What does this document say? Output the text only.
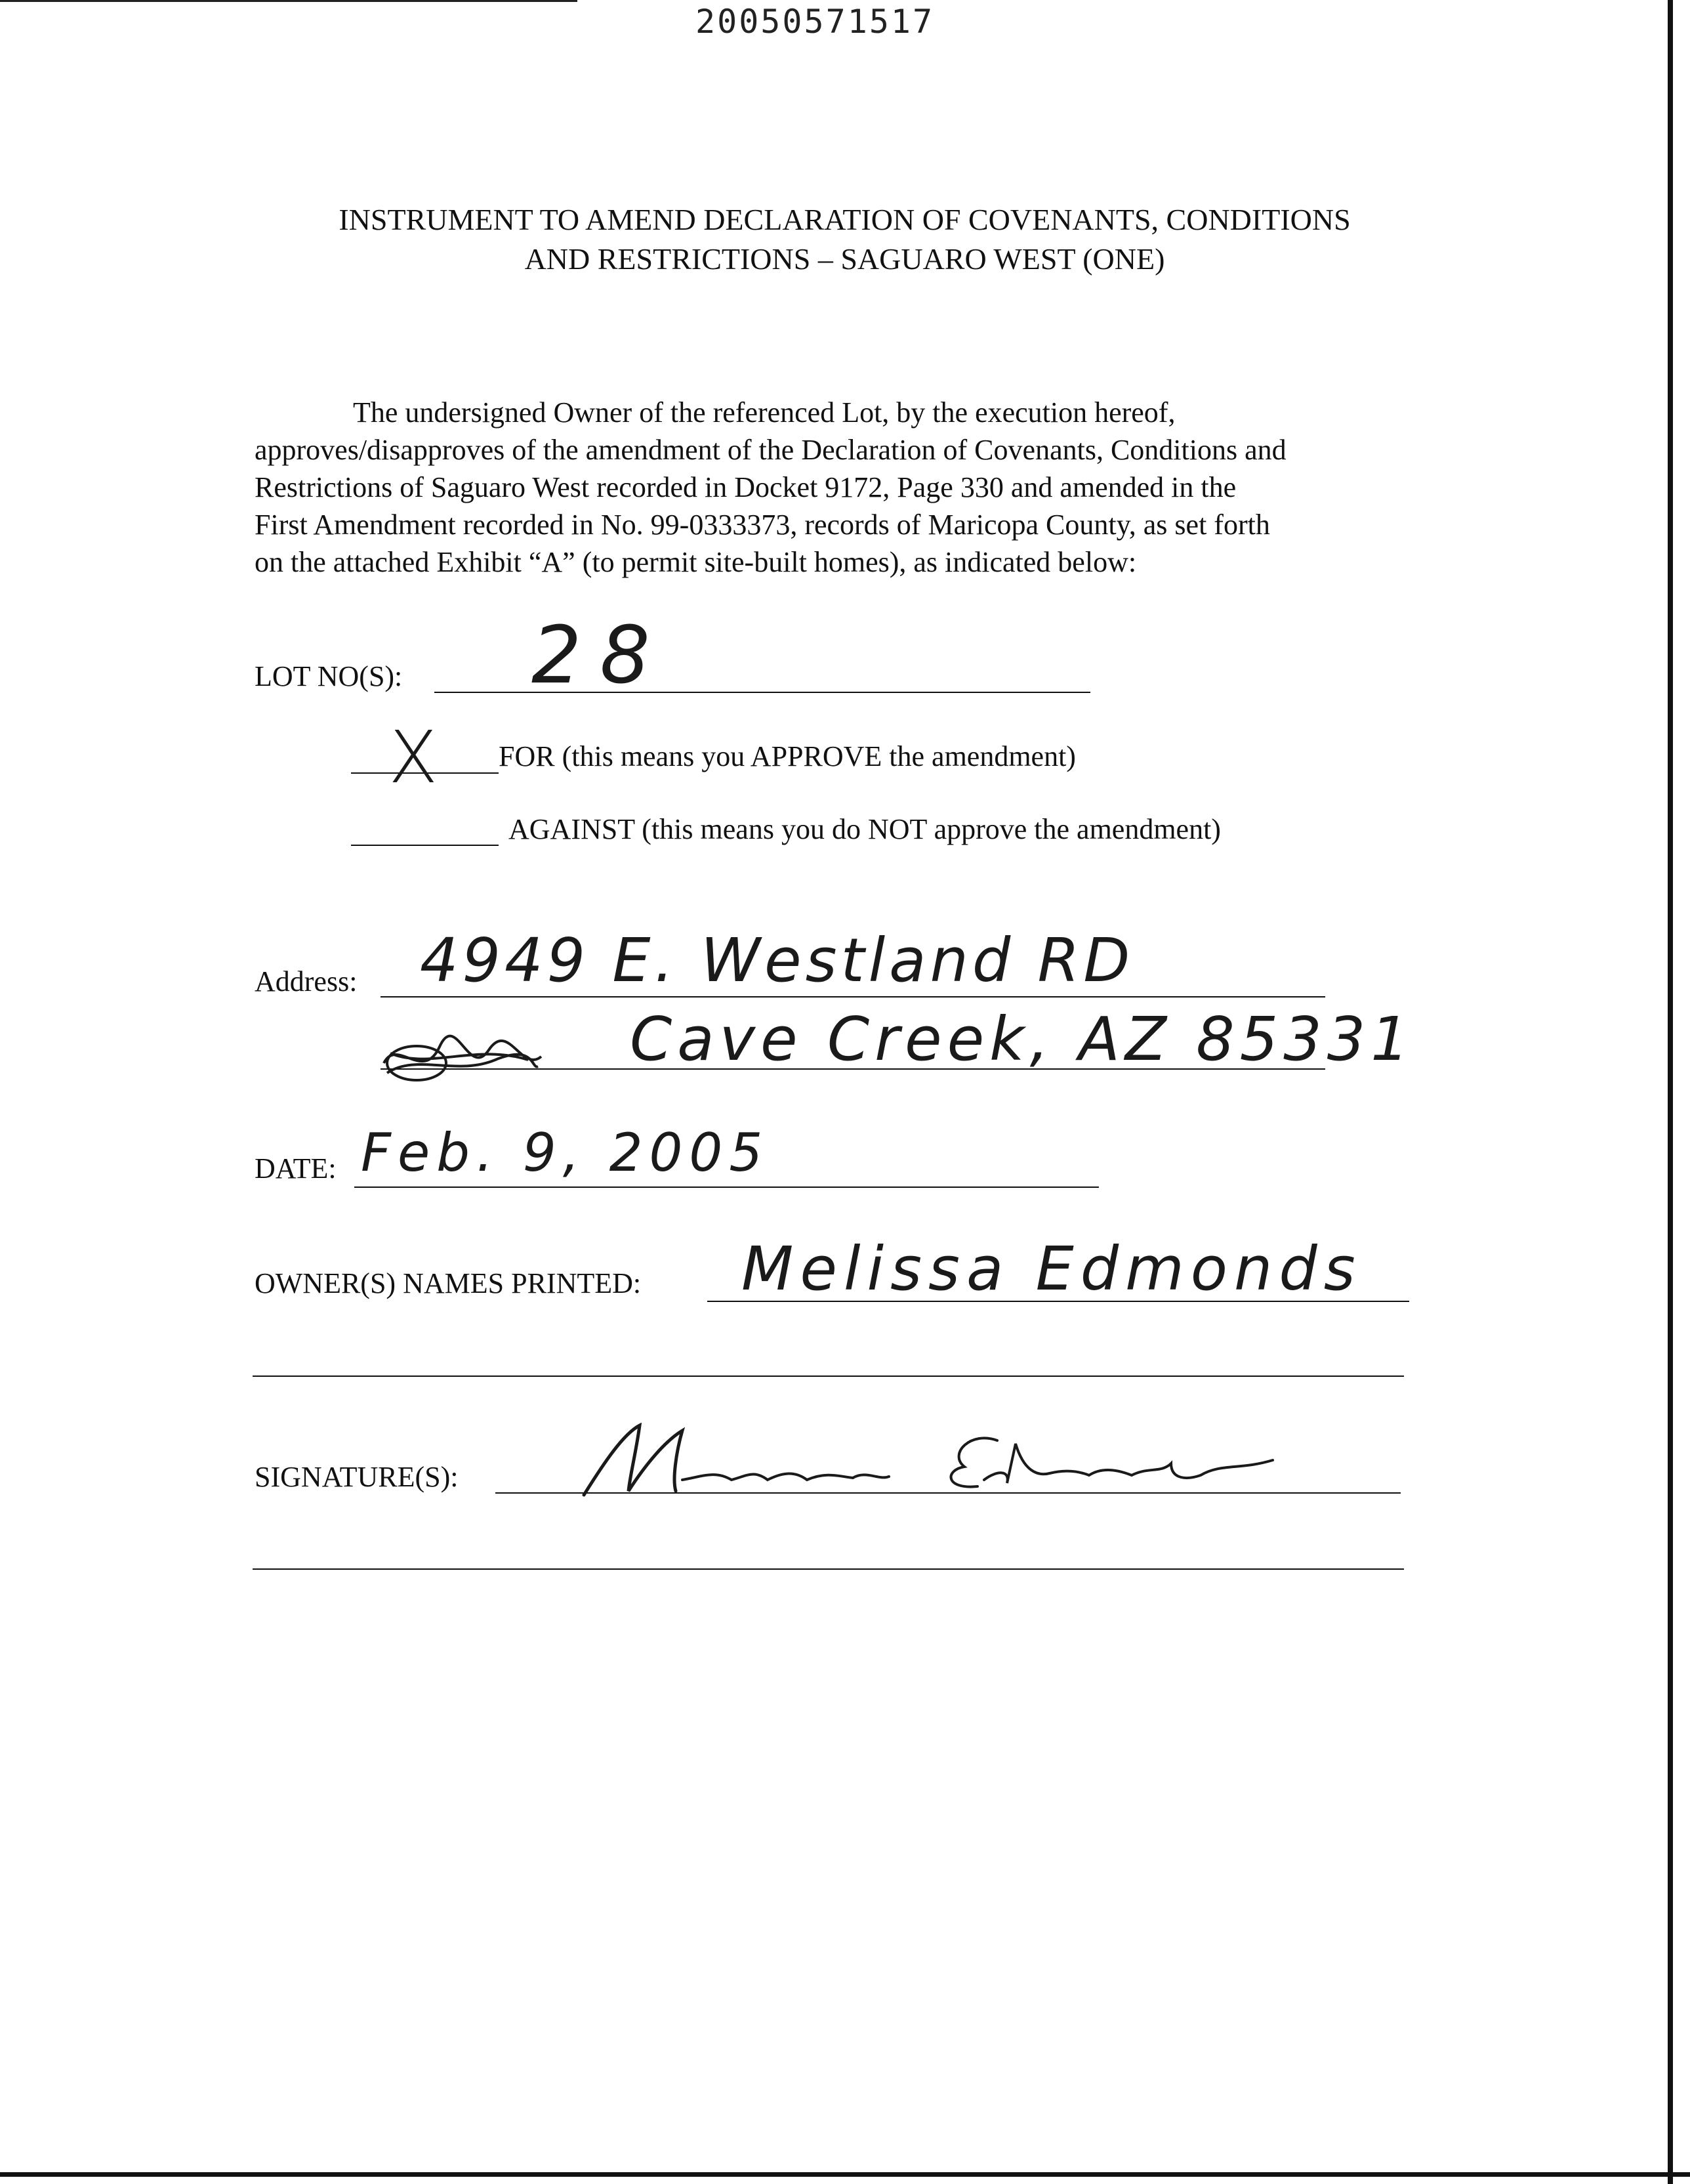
20050571517
INSTRUMENT TO AMEND DECLARATION OF COVENANTS, CONDITIONS
AND RESTRICTIONS – SAGUARO WEST (ONE)
The undersigned Owner of the referenced Lot, by the execution hereof,
approves/disapproves of the amendment of the Declaration of Covenants, Conditions and
Restrictions of Saguaro West recorded in Docket 9172, Page 330 and amended in the
First Amendment recorded in No. 99-0333373, records of Maricopa County, as set forth
on the attached Exhibit “A” (to permit site-built homes), as indicated below:
LOT NO(S): 28
X FOR (this means you APPROVE the amendment)
AGAINST (this means you do NOT approve the amendment)
Address: 4949 E. Westland RD
Cave Creek, AZ 85331
DATE: Feb. 9, 2005
OWNER(S) NAMES PRINTED: Melissa Edmonds
SIGNATURE(S):
